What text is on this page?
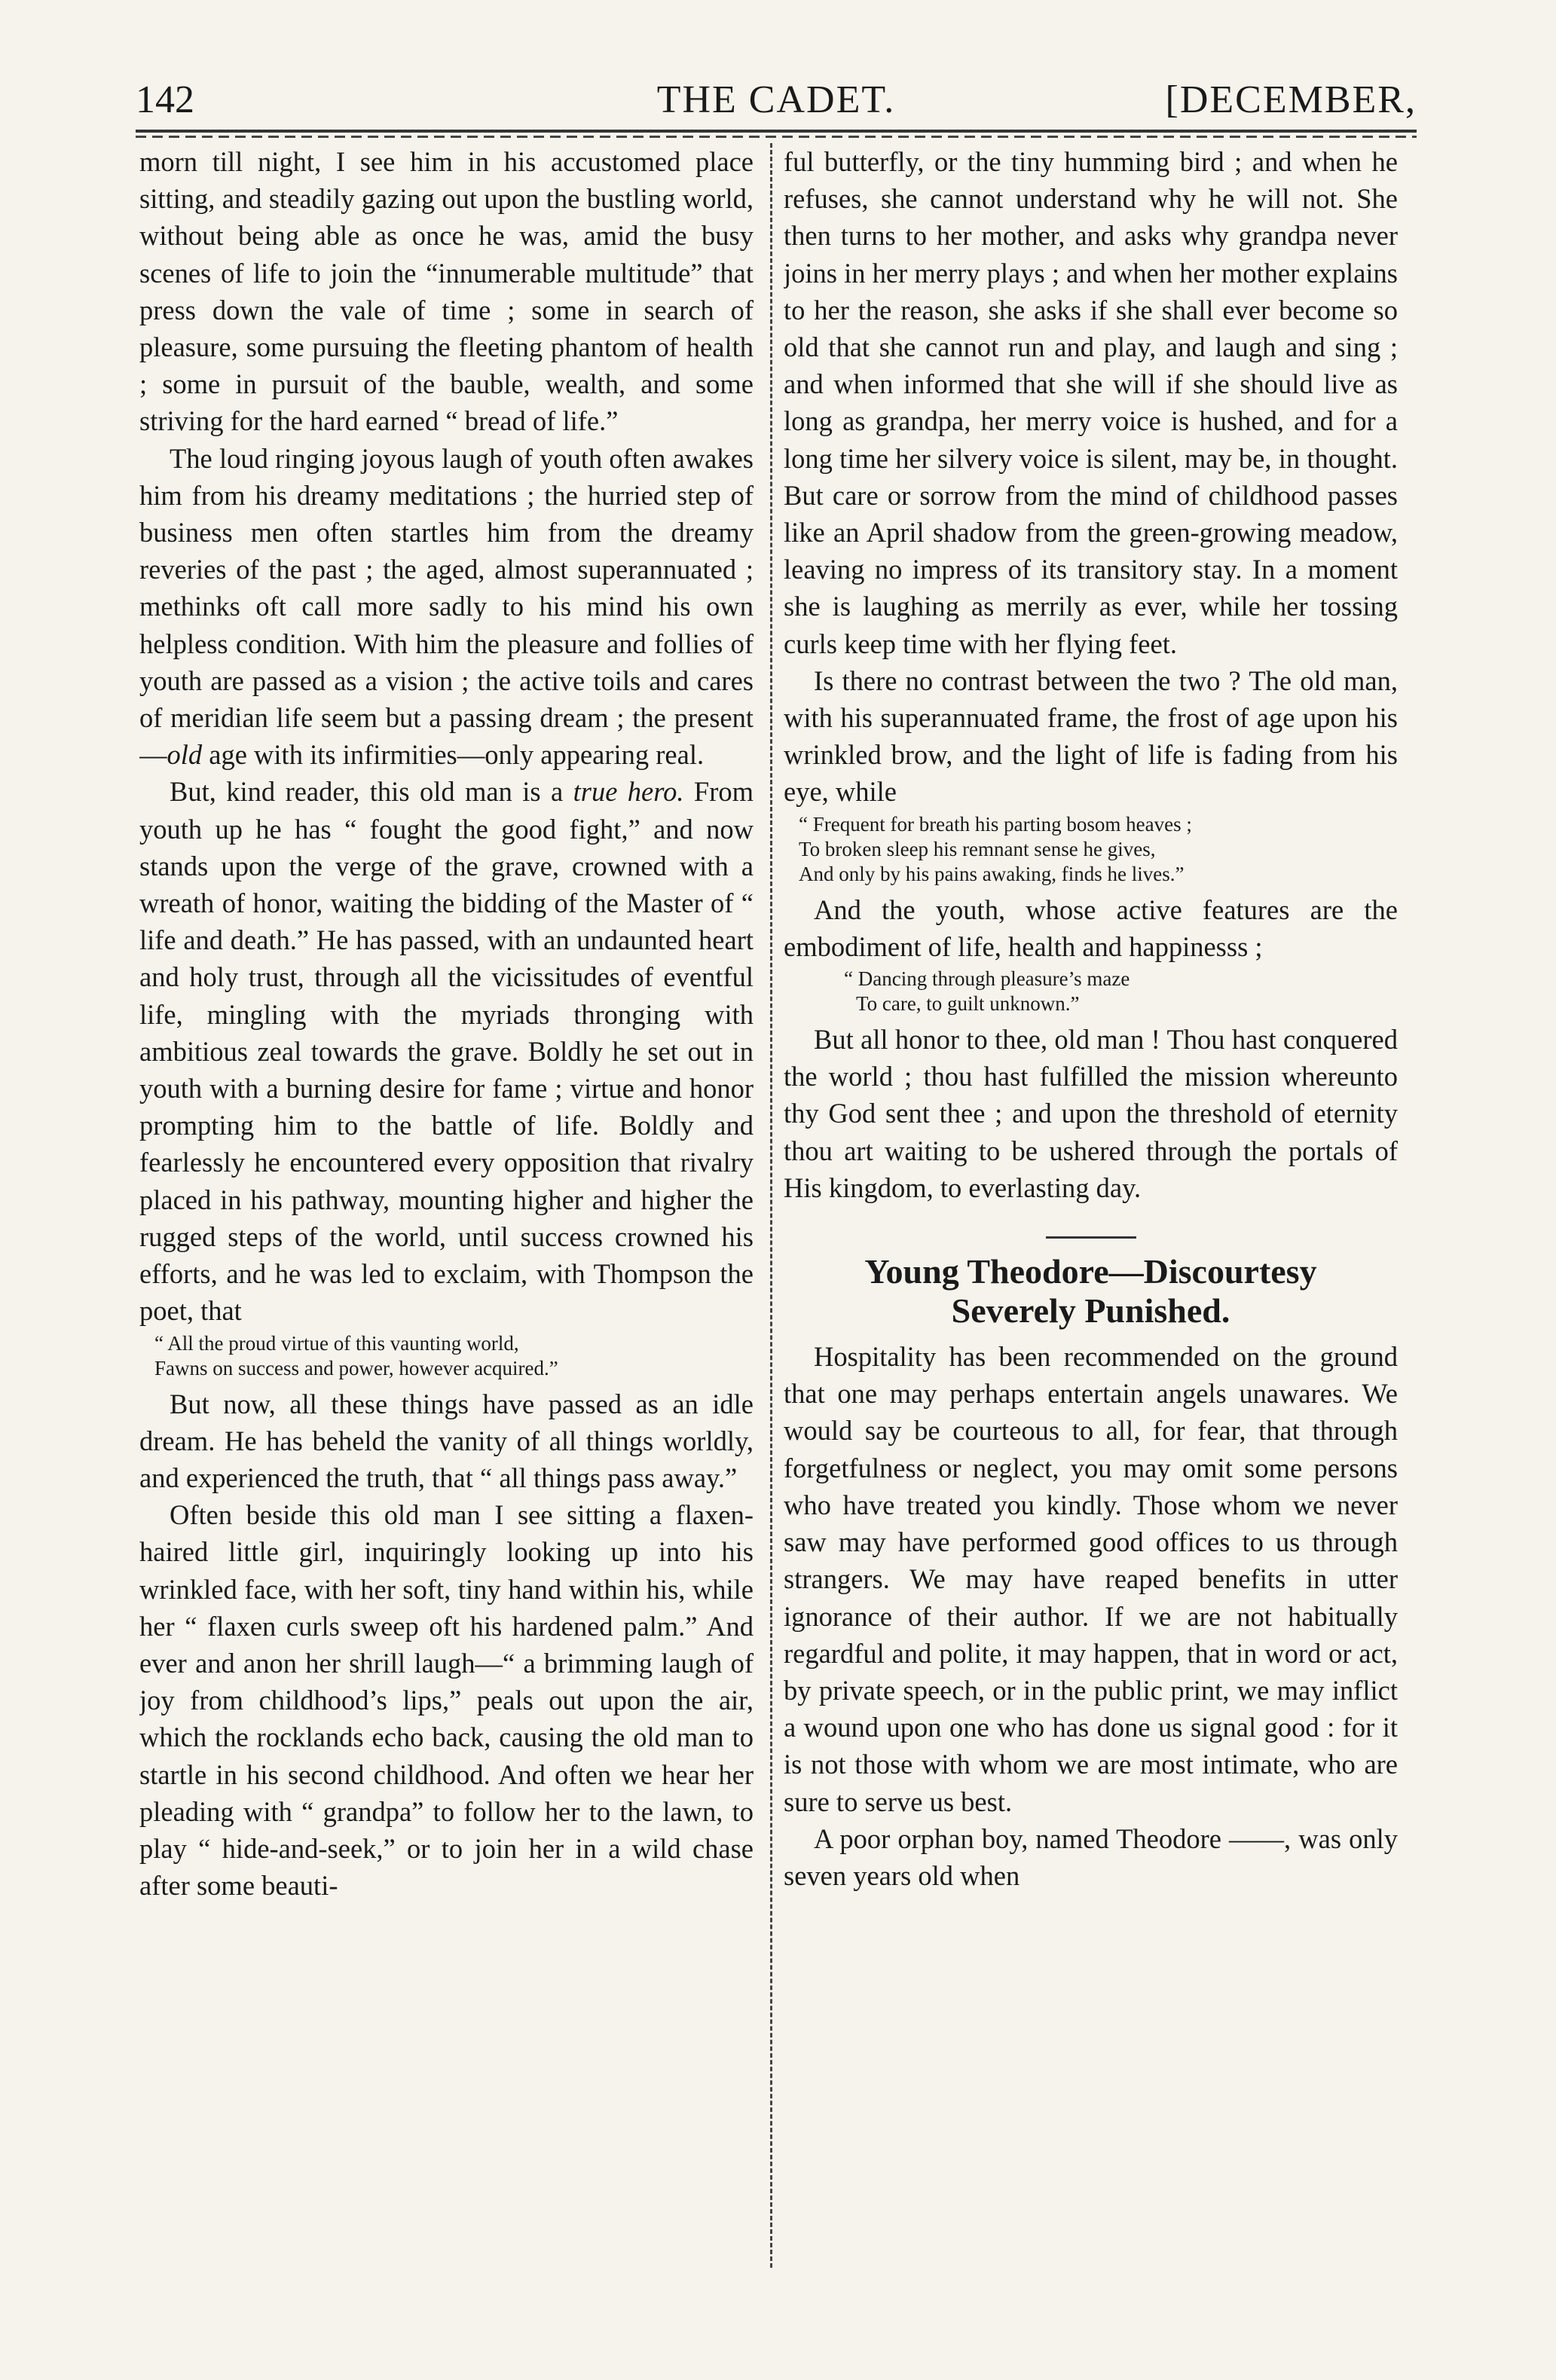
142	THE CADET.	[DECEMBER,

morn till night, I see him in his accustomed place sitting, and steadily gazing out upon the bustling world, without being able as once he was, amid the busy scenes of life to join the “innumerable multitude” that press down the vale of time ; some in search of pleasure, some pursuing the fleeting phantom of health ; some in pursuit of the bauble, wealth, and some striving for the hard earned “ bread of life.”

The loud ringing joyous laugh of youth often awakes him from his dreamy meditations ; the hurried step of business men often startles him from the dreamy reveries of the past ; the aged, almost superannuated ; methinks oft call more sadly to his mind his own helpless condition. With him the pleasure and follies of youth are passed as a vision ; the active toils and cares of meridian life seem but a passing dream ; the present—old age with its infirmities—only appearing real.

But, kind reader, this old man is a true hero. From youth up he has “ fought the good fight,” and now stands upon the verge of the grave, crowned with a wreath of honor, waiting the bidding of the Master of “ life and death.” He has passed, with an undaunted heart and holy trust, through all the vicissitudes of eventful life, mingling with the myriads thronging with ambitious zeal towards the grave. Boldly he set out in youth with a burning desire for fame ; virtue and honor prompting him to the battle of life. Boldly and fearlessly he encountered every opposition that rivalry placed in his pathway, mounting higher and higher the rugged steps of the world, until success crowned his efforts, and he was led to exclaim, with Thompson the poet, that

“ All the proud virtue of this vaunting world,
Fawns on success and power, however acquired.”

But now, all these things have passed as an idle dream. He has beheld the vanity of all things worldly, and experienced the truth, that “ all things pass away.”

Often beside this old man I see sitting a flaxen-haired little girl, inquiringly looking up into his wrinkled face, with her soft, tiny hand within his, while her “ flaxen curls sweep oft his hardened palm.” And ever and anon her shrill laugh—“ a brimming laugh of joy from childhood’s lips,” peals out upon the air, which the rocklands echo back, causing the old man to startle in his second childhood. And often we hear her pleading with “ grandpa” to follow her to the lawn, to play “ hide-and-seek,” or to join her in a wild chase after some beauti-

ful butterfly, or the tiny humming bird ; and when he refuses, she cannot understand why he will not. She then turns to her mother, and asks why grandpa never joins in her merry plays ; and when her mother explains to her the reason, she asks if she shall ever become so old that she cannot run and play, and laugh and sing ; and when informed that she will if she should live as long as grandpa, her merry voice is hushed, and for a long time her silvery voice is silent, may be, in thought. But care or sorrow from the mind of childhood passes like an April shadow from the green-growing meadow, leaving no impress of its transitory stay. In a moment she is laughing as merrily as ever, while her tossing curls keep time with her flying feet.

Is there no contrast between the two ? The old man, with his superannuated frame, the frost of age upon his wrinkled brow, and the light of life is fading from his eye, while

“ Frequent for breath his parting bosom heaves ;
To broken sleep his remnant sense he gives,
And only by his pains awaking, finds he lives.”

And the youth, whose active features are the embodiment of life, health and happinesss ;

“ Dancing through pleasure’s maze
To care, to guilt unknown.”

But all honor to thee, old man ! Thou hast conquered the world ; thou hast fulfilled the mission whereunto thy God sent thee ; and upon the threshold of eternity thou art waiting to be ushered through the portals of His kingdom, to everlasting day.

Young Theodore—Discourtesy
Severely Punished.

Hospitality has been recommended on the ground that one may perhaps entertain angels unawares. We would say be courteous to all, for fear, that through forgetfulness or neglect, you may omit some persons who have treated you kindly. Those whom we never saw may have performed good offices to us through strangers. We may have reaped benefits in utter ignorance of their author. If we are not habitually regardful and polite, it may happen, that in word or act, by private speech, or in the public print, we may inflict a wound upon one who has done us signal good : for it is not those with whom we are most intimate, who are sure to serve us best.

A poor orphan boy, named Theodore ——, was only seven years old when
